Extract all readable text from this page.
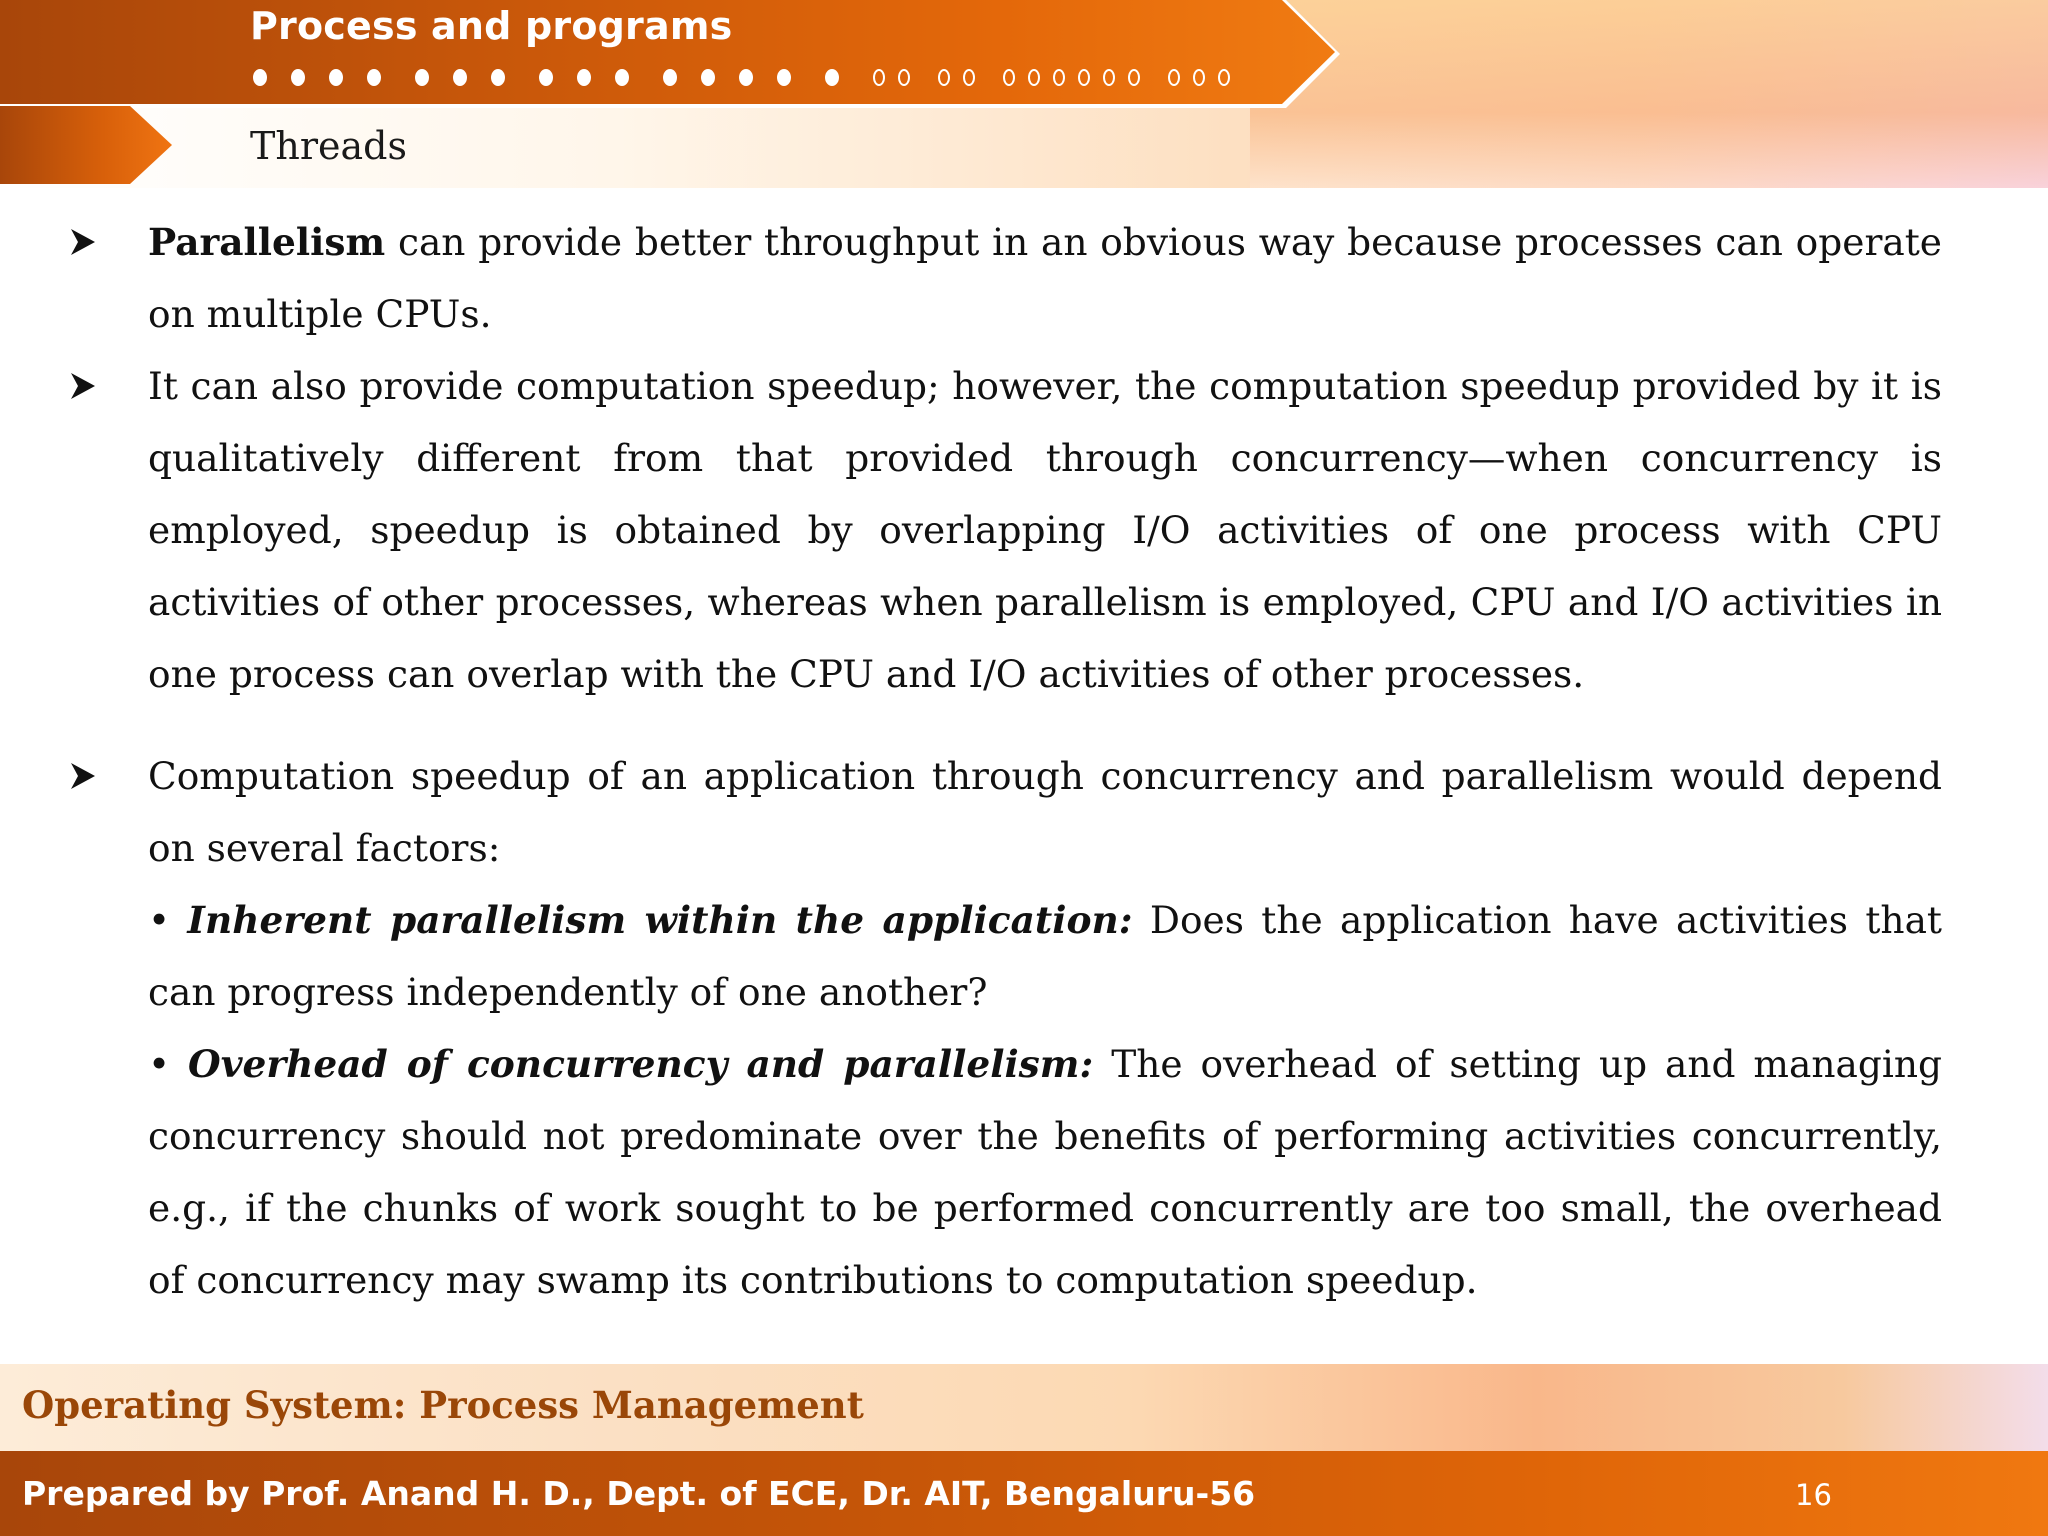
Process and programs
Threads
Parallelism can provide better throughput in an obvious way because processes can operate on multiple CPUs.
It can also provide computation speedup; however, the computation speedup provided by it is qualitatively different from that provided through concurrency—when concurrency is employed, speedup is obtained by overlapping I/O activities of one process with CPU activities of other processes, whereas when parallelism is employed, CPU and I/O activities in one process can overlap with the CPU and I/O activities of other processes.
Computation speedup of an application through concurrency and parallelism would depend on several factors:
• Inherent parallelism within the application: Does the application have activities that can progress independently of one another?
• Overhead of concurrency and parallelism: The overhead of setting up and managing concurrency should not predominate over the benefits of performing activities concurrently, e.g., if the chunks of work sought to be performed concurrently are too small, the overhead of concurrency may swamp its contributions to computation speedup.
Operating System: Process Management
Prepared by Prof. Anand H. D., Dept. of ECE, Dr. AIT, Bengaluru-56	16
